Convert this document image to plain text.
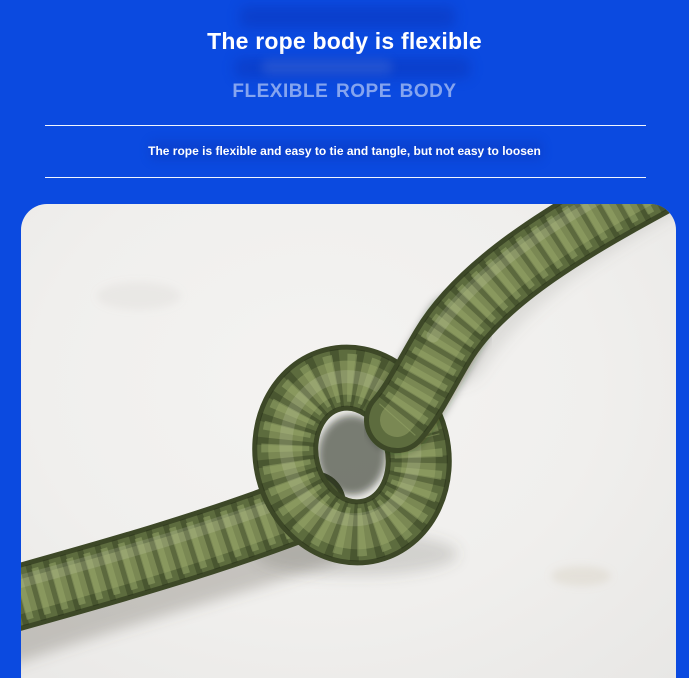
The rope body is flexible
FLEXIBLE ROPE BODY

The rope is flexible and easy to tie and tangle, but not easy to loosen
